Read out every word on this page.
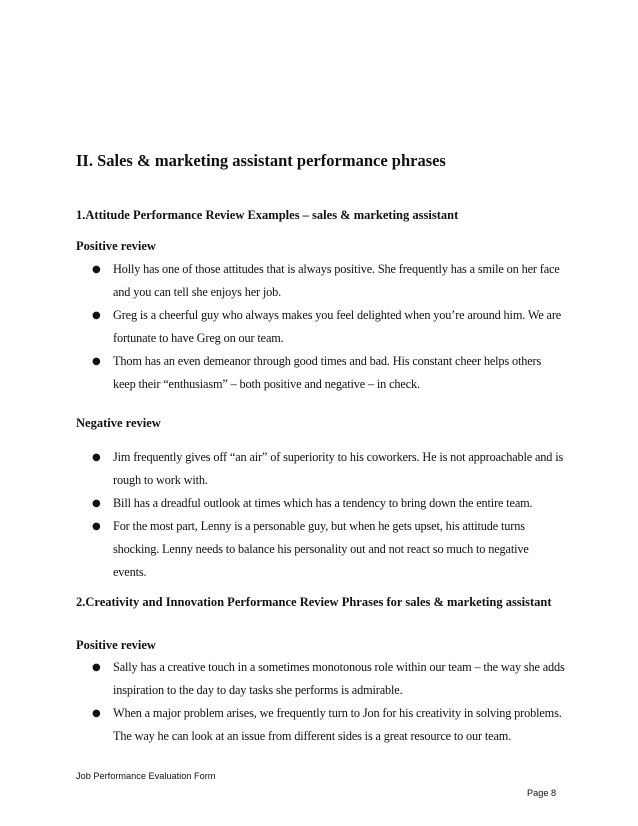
II. Sales & marketing assistant performance phrases
1.Attitude Performance Review Examples – sales & marketing assistant
Positive review
● Holly has one of those attitudes that is always positive. She frequently has a smile on her face and you can tell she enjoys her job.
● Greg is a cheerful guy who always makes you feel delighted when you’re around him. We are fortunate to have Greg on our team.
● Thom has an even demeanor through good times and bad. His constant cheer helps others keep their “enthusiasm” – both positive and negative – in check.
Negative review
● Jim frequently gives off “an air” of superiority to his coworkers. He is not approachable and is rough to work with.
● Bill has a dreadful outlook at times which has a tendency to bring down the entire team.
● For the most part, Lenny is a personable guy, but when he gets upset, his attitude turns shocking. Lenny needs to balance his personality out and not react so much to negative events.
2.Creativity and Innovation Performance Review Phrases for sales & marketing assistant
Positive review
● Sally has a creative touch in a sometimes monotonous role within our team – the way she adds inspiration to the day to day tasks she performs is admirable.
● When a major problem arises, we frequently turn to Jon for his creativity in solving problems. The way he can look at an issue from different sides is a great resource to our team.
Job Performance Evaluation Form
Page 8
